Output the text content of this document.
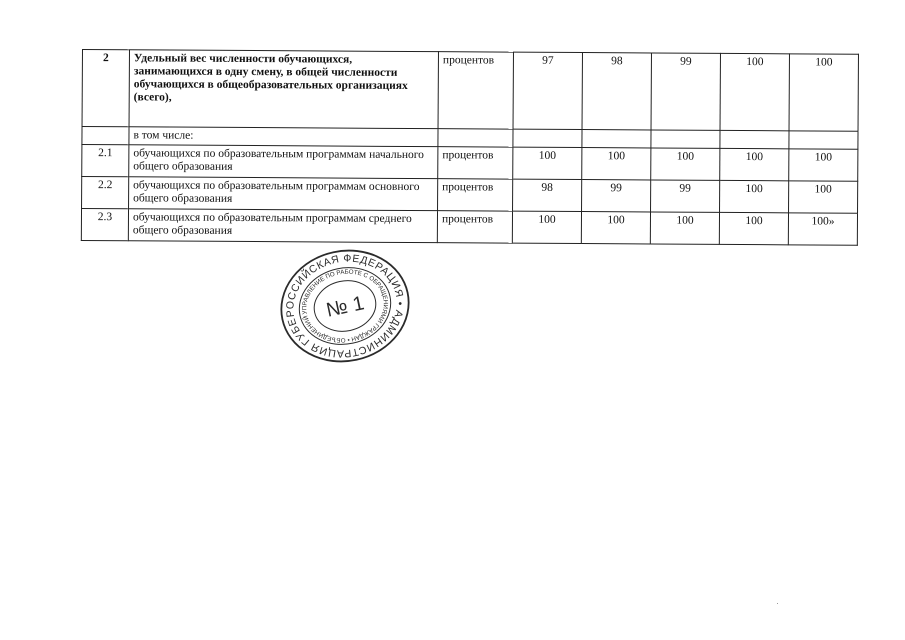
2	Удельный вес численности обучающихся, занимающихся в одну смену, в общей численности обучающихся в общеобразовательных организациях (всего),	процентов	97	98	99	100	100
	в том числе:						
2.1	обучающихся по образовательным программам начального общего образования	процентов	100	100	100	100	100
2.2	обучающихся по образовательным программам основного общего образования	процентов	98	99	99	100	100
2.3	обучающихся по образовательным программам среднего общего образования	процентов	100	100	100	100	100»
РОССИЙСКАЯ ФЕДЕРАЦИЯ • АДМИНИСТРАЦИЯ ГУБЕРНАТОРА
УПРАВЛЕНИЕ ПО РАБОТЕ С ОБРАЩЕНИЯМИ ГРАЖДАН • ОБЪЕДИНЕНИЙ № 1
